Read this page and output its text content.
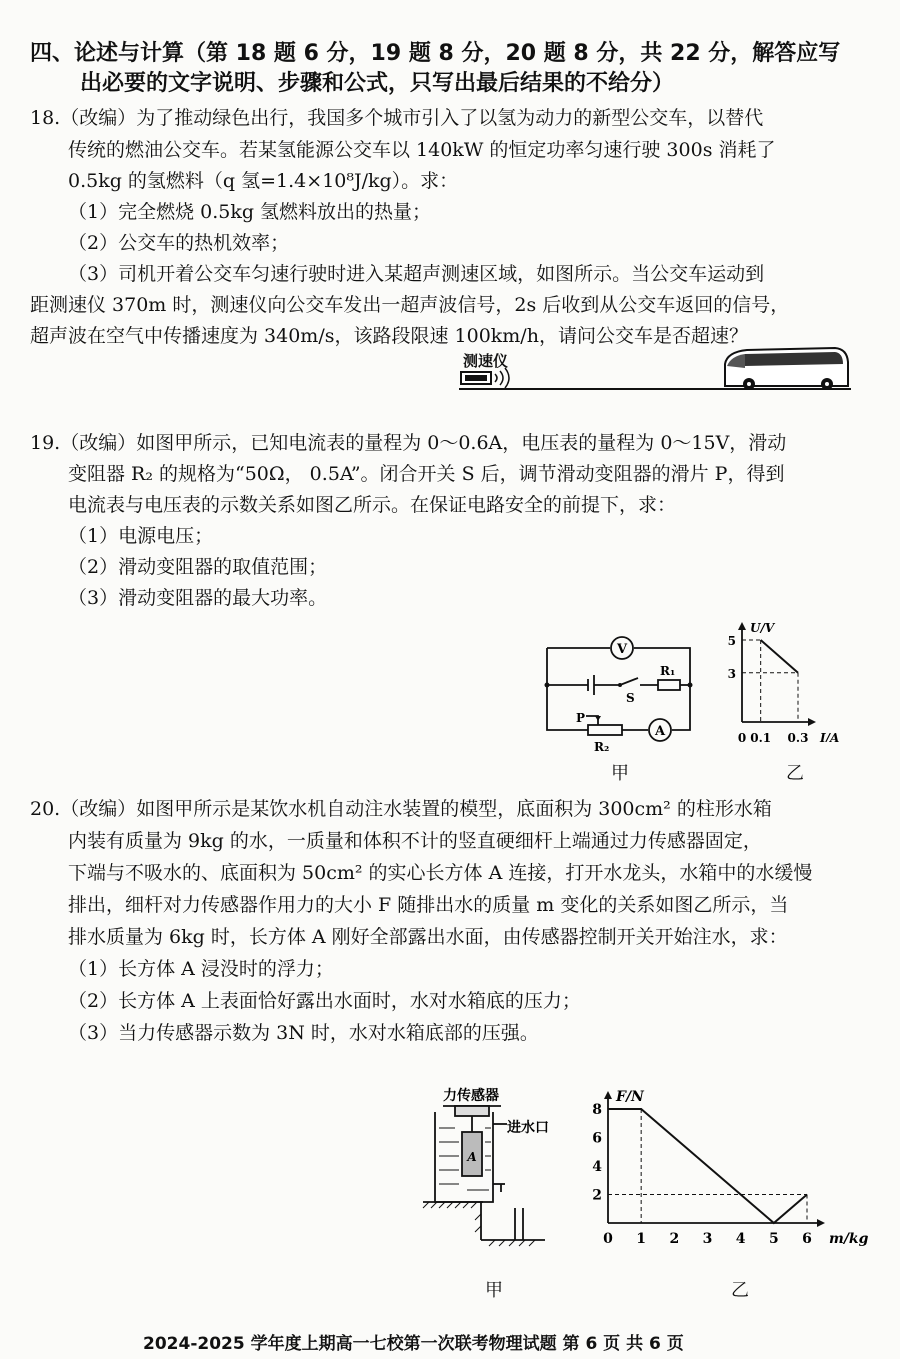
四、论述与计算（第 18 题 6 分，19 题 8 分，20 题 8 分，共 22 分，解答应写
出必要的文字说明、步骤和公式，只写出最后结果的不给分）
18.（改编）为了推动绿色出行，我国多个城市引入了以氢为动力的新型公交车，以替代
传统的燃油公交车。若某氢能源公交车以 140kW 的恒定功率匀速行驶 300s 消耗了
0.5kg 的氢燃料（q 氢=1.4×10⁸J/kg）。求：
（1）完全燃烧 0.5kg 氢燃料放出的热量；
（2）公交车的热机效率；
（3）司机开着公交车匀速行驶时进入某超声测速区域，如图所示。当公交车运动到
距测速仪 370m 时，测速仪向公交车发出一超声波信号，2s 后收到从公交车返回的信号，
超声波在空气中传播速度为 340m/s，该路段限速 100km/h，请问公交车是否超速？
测速仪
19.（改编）如图甲所示，已知电流表的量程为 0～0.6A，电压表的量程为 0～15V，滑动
变阻器 R₂ 的规格为“50Ω， 0.5A”。闭合开关 S 后，调节滑动变阻器的滑片 P，得到
电流表与电压表的示数关系如图乙所示。在保证电路安全的前提下，求：
（1）电源电压；
（2）滑动变阻器的取值范围；
（3）滑动变阻器的最大功率。
V
A
R₁
S
P
R₂
0 0.1 0.3
3
5
I/A
U/V
甲	乙
20.（改编）如图甲所示是某饮水机自动注水装置的模型，底面积为 300cm² 的柱形水箱
内装有质量为 9kg 的水，一质量和体积不计的竖直硬细杆上端通过力传感器固定，
下端与不吸水的、底面积为 50cm² 的实心长方体 A 连接，打开水龙头，水箱中的水缓慢
排出，细杆对力传感器作用力的大小 F 随排出水的质量 m 变化的关系如图乙所示，当
排水质量为 6kg 时，长方体 A 刚好全部露出水面，由传感器控制开关开始注水，求：
（1）长方体 A 浸没时的浮力；
（2）长方体 A 上表面恰好露出水面时，水对水箱底的压力；
（3）当力传感器示数为 3N 时，水对水箱底部的压强。
力传感器
进水口
A
0 1 2 3 4 5 6
2
4
6
8
m/kg
F/N
甲	乙
2024-2025 学年度上期高一七校第一次联考物理试题 第 6 页 共 6 页
